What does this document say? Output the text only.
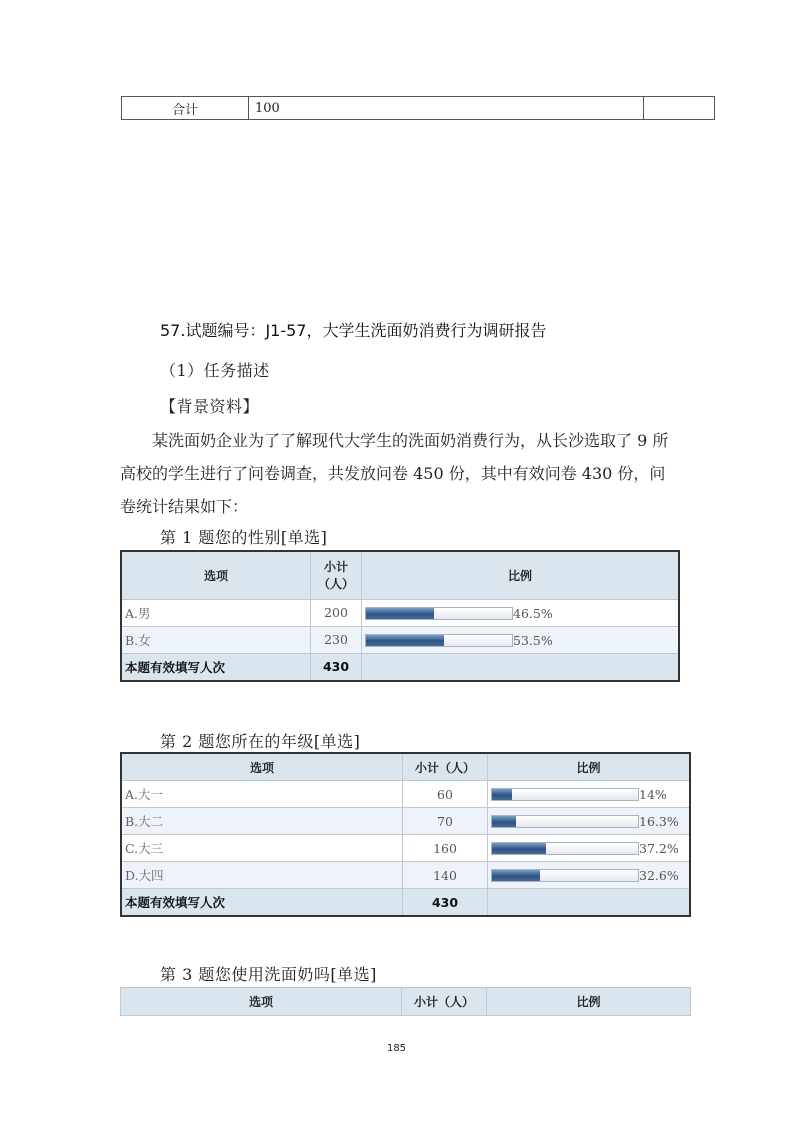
合计	100	
57.试题编号：J1-57，大学生洗面奶消费行为调研报告
（1）任务描述
【背景资料】
某洗面奶企业为了了解现代大学生的洗面奶消费行为，从长沙选取了 9 所高校的学生进行了问卷调查，共发放问卷 450 份，其中有效问卷 430 份，问卷统计结果如下：
第 1 题您的性别[单选]
选项	小计（人）	比例
A.男	200	46.5%
B.女	230	53.5%
本题有效填写人次	430	
第 2 题您所在的年级[单选]
选项	小计（人）	比例
A.大一	60	14%
B.大二	70	16.3%
C.大三	160	37.2%
D.大四	140	32.6%
本题有效填写人次	430	
第 3 题您使用洗面奶吗[单选]
选项	小计（人）	比例
185
